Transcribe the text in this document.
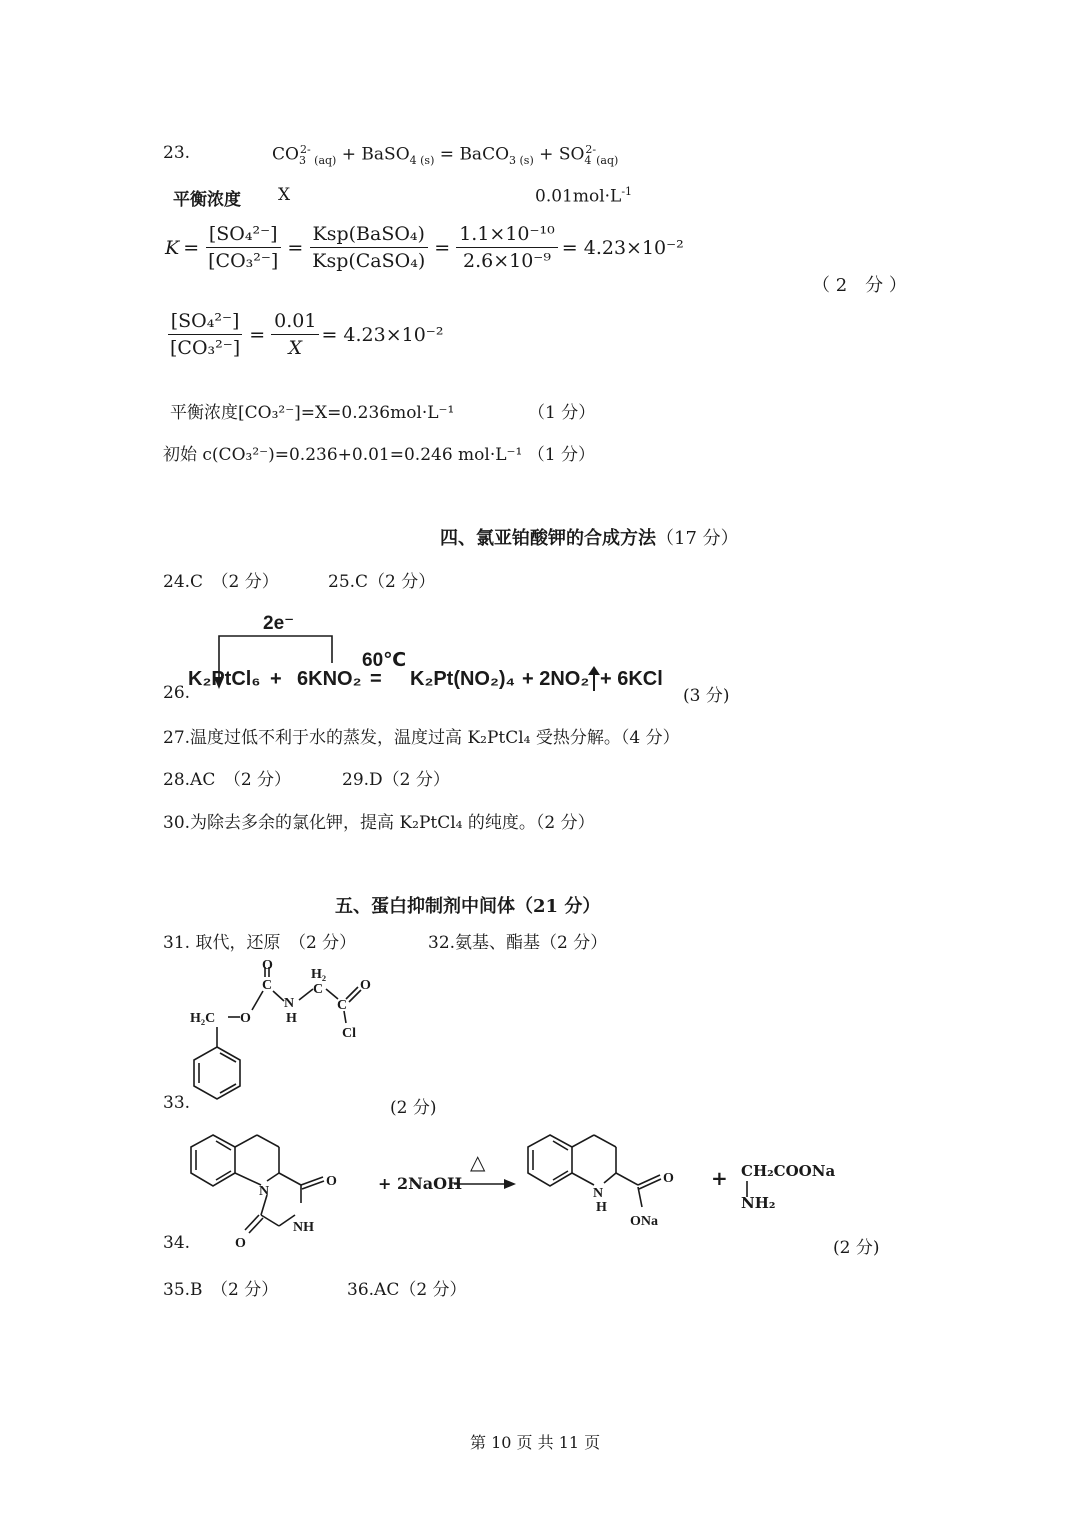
23.	$CO_3^{2-}$ $_{(aq)}$ + BaSO$_4$ $_{(s)}$ = BaCO$_3$ $_{(s)} + SO_4^{2-}_{(aq)}$
平衡浓度 X	$0.01mol\cdot L^{-1}$
$K = \frac{\text{[SO₄²⁻]}}{\text{[CO₃²⁻]}} = \frac{\text{Ksp(BaSO₄)}}{\text{Ksp(CaSO₄)}} = \frac{\text{1.1×10⁻¹⁰}}{\text{2.6×10⁻⁹}} = 4.23\times 10^{-2}$
（ 2　分 ）
$\frac{\text{[SO₄²⁻]}}{\text{[CO₃²⁻]}} = \frac{0.01}{X} = 4.23\times 10^{-2}$
平衡浓度[CO₃²⁻]=X=0.236mol·L⁻¹	（1 分）
初始 c(CO₃²⁻)=0.236+0.01=0.246 mol·L⁻¹ （1 分）
四、氯亚铂酸钾的合成方法（17 分）
24.C　（2 分）	25.C（2 分）
26.
2e⁻
60℃
K₂PtCl₆ + 6KNO₂ = K₂Pt(NO₂)₄ + 2NO₂ + 6KCl
(3 分)
27.温度过低不利于水的蒸发，温度过高 K₂PtCl₄ 受热分解。（4 分）
28.AC　（2 分）	29.D（2 分）
30.为除去多余的氯化钾，提高 K₂PtCl₄ 的纯度。（2 分）
五、蛋白抑制剂中间体（21 分）
31. 取代，还原　（2 分）	32.氨基、酯基（2 分）
O
C
N
H
H₂
C
C
O
Cl
H₂C O
33.	(2 分)
N
O
O
NH
+ 2NaOH
△
N
H
O
ONa
+ CH₂COONa
NH₂
34.	(2 分)
35.B　（2 分）	36.AC（2 分）
第 10 页 共 11 页
